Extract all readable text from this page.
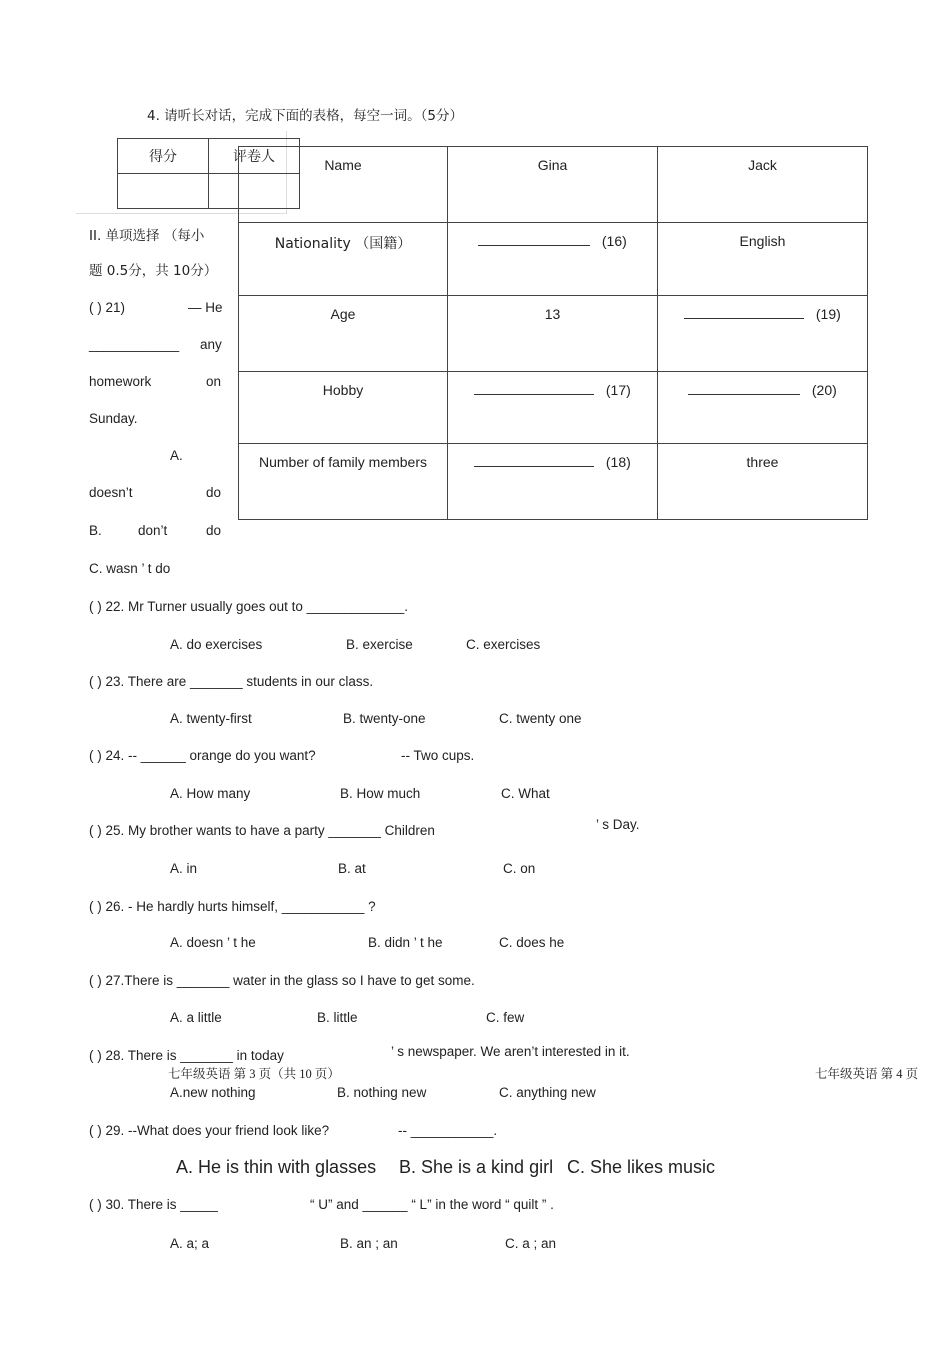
4. 请听长对话，完成下面的表格，每空一词。（5分）
得分	评卷人
		Name	Gina	Jack
Nationality （国籍）	(16)	English
Age	13	(19)
Hobby	(17)	(20)
Number of family members	(18)	three
II. 单项选择 （每小
题 0.5分，共 10分）
( ) 21)	— He
____________ any
homework	on
Sunday.
A.
doesn’t	do
B.	don’t	do
C. wasn ’ t do
( ) 22. Mr Turner usually goes out to _____________.
A. do exercises	B. exercise	C. exercises
( ) 23. There are _______ students in our class.
A. twenty-first	B. twenty-one	C. twenty one
( ) 24. -- ______ orange do you want?	-- Two cups.
A. How many	B. How much	C. What
( ) 25. My brother wants to have a party _______ Children	’ s Day.
A. in	B. at	C. on
( ) 26. - He hardly hurts himself, ___________ ?
A. doesn ’ t he	B. didn ’ t he	C. does he
( ) 27.There is _______ water in the glass so I have to get some.
A. a little	B. little	C. few
( ) 28. There is _______ in today	’ s newspaper. We aren’t interested in it.
七年级英语 第 3 页（共 10 页）	七年级英语 第 4 页
A.new nothing	B. nothing new	C. anything new
( ) 29. --What does your friend look like?	-- ___________.
A. He is thin with glasses B. She is a kind girl C. She likes music
( ) 30. There is _____	“ U” and ______ “ L” in the word “ quilt ” .
A. a; a	B. an ; an	C. a ; an
